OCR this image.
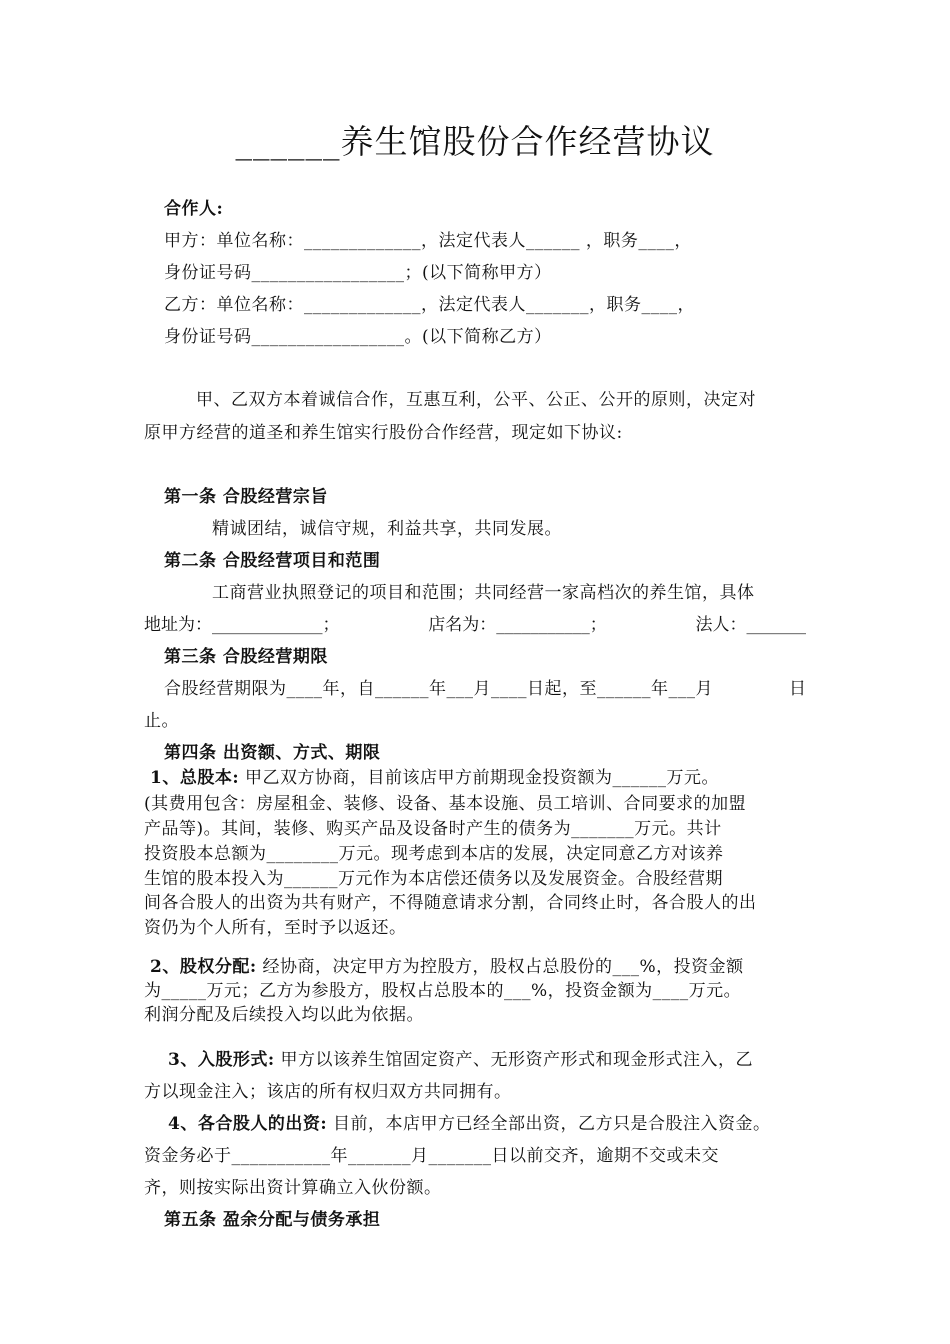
______养生馆股份合作经营协议
合作人:
甲方：单位名称：_____________，法定代表人______ ，职务____，
身份证号码_________________；(以下简称甲方）
乙方：单位名称：_____________，法定代表人_______，职务____，
身份证号码_________________。(以下简称乙方）
甲、乙双方本着诚信合作，互惠互利，公平、公正、公开的原则，决定对
原甲方经营的道圣和养生馆实行股份合作经营，现定如下协议:
第一条 合股经营宗旨
精诚团结，诚信守规，利益共享，共同发展。
第二条 合股经营项目和范围
工商营业执照登记的项目和范围；共同经营一家高档次的养生馆，具体
地址为：_____________；	店名为：___________；	法人：_______
第三条 合股经营期限
合股经营期限为____年，自______年___月____日起，至______年___月	日
止。
第四条 出资额、方式、期限
1、总股本: 甲乙双方协商，目前该店甲方前期现金投资额为______万元。
(其费用包含：房屋租金、装修、设备、基本设施、员工培训、合同要求的加盟
产品等)。其间，装修、购买产品及设备时产生的债务为_______万元。共计
投资股本总额为________万元。现考虑到本店的发展，决定同意乙方对该养
生馆的股本投入为______万元作为本店偿还债务以及发展资金。合股经营期
间各合股人的出资为共有财产，不得随意请求分割，合同终止时，各合股人的出
资仍为个人所有，至时予以返还。
2、股权分配: 经协商，决定甲方为控股方，股权占总股份的___%，投资金额
为_____万元；乙方为参股方，股权占总股本的___%，投资金额为____万元。
利润分配及后续投入均以此为依据。
3、入股形式: 甲方以该养生馆固定资产、无形资产形式和现金形式注入，乙
方以现金注入；该店的所有权归双方共同拥有。
4、各合股人的出资: 目前，本店甲方已经全部出资，乙方只是合股注入资金。
资金务必于___________年_______月_______日以前交齐，逾期不交或未交
齐，则按实际出资计算确立入伙份额。
第五条 盈余分配与债务承担
